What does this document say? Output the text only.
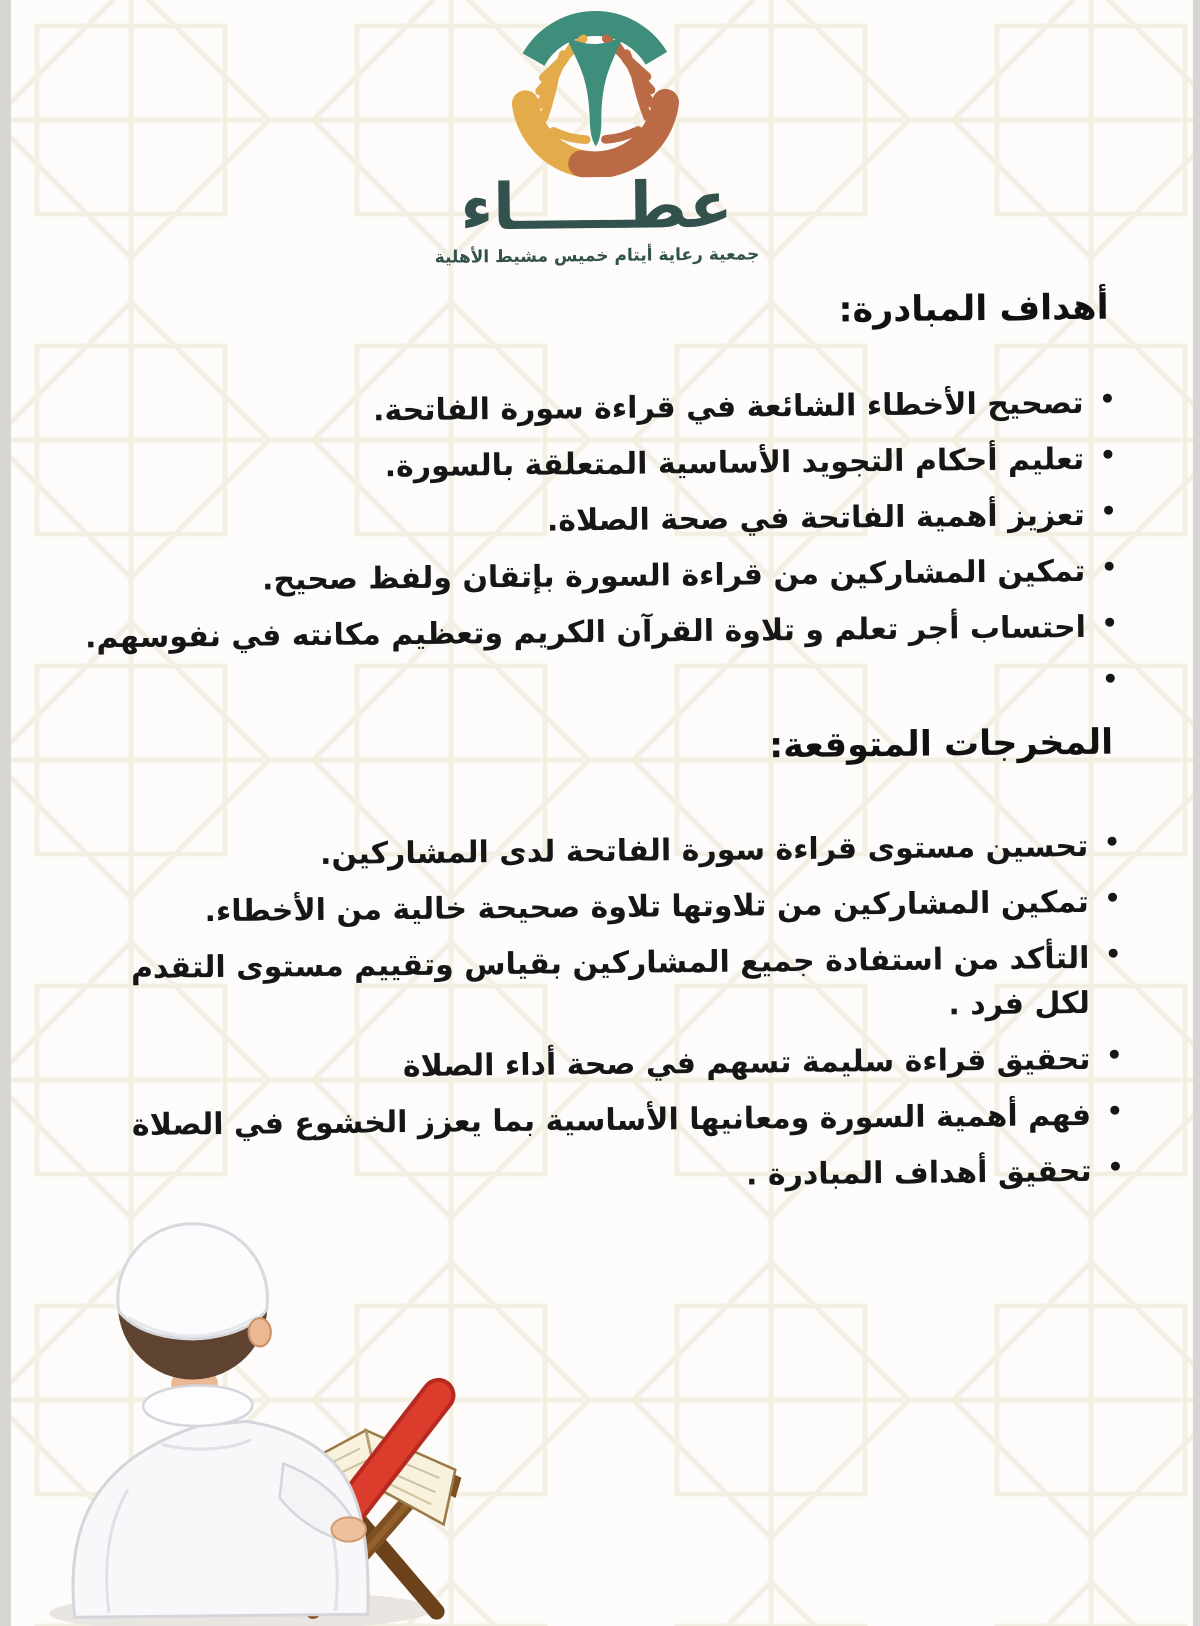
عطـــــاء
جمعية رعاية أيتام خميس مشيط الأهلية
أهداف المبادرة:
• تصحيح الأخطاء الشائعة في قراءة سورة الفاتحة.
• تعليم أحكام التجويد الأساسية المتعلقة بالسورة.
• تعزيز أهمية الفاتحة في صحة الصلاة.
• تمكين المشاركين من قراءة السورة بإتقان ولفظ صحيح.
• احتساب أجر تعلم و تلاوة القرآن الكريم وتعظيم مكانته في نفوسهم.
•
المخرجات المتوقعة:
• تحسين مستوى قراءة سورة الفاتحة لدى المشاركين.
• تمكين المشاركين من تلاوتها تلاوة صحيحة خالية من الأخطاء.
• التأكد من استفادة جميع المشاركين بقياس وتقييم مستوى التقدم لكل فرد .
• تحقيق قراءة سليمة تسهم في صحة أداء الصلاة
• فهم أهمية السورة ومعانيها الأساسية بما يعزز الخشوع في الصلاة
• تحقيق أهداف المبادرة .
